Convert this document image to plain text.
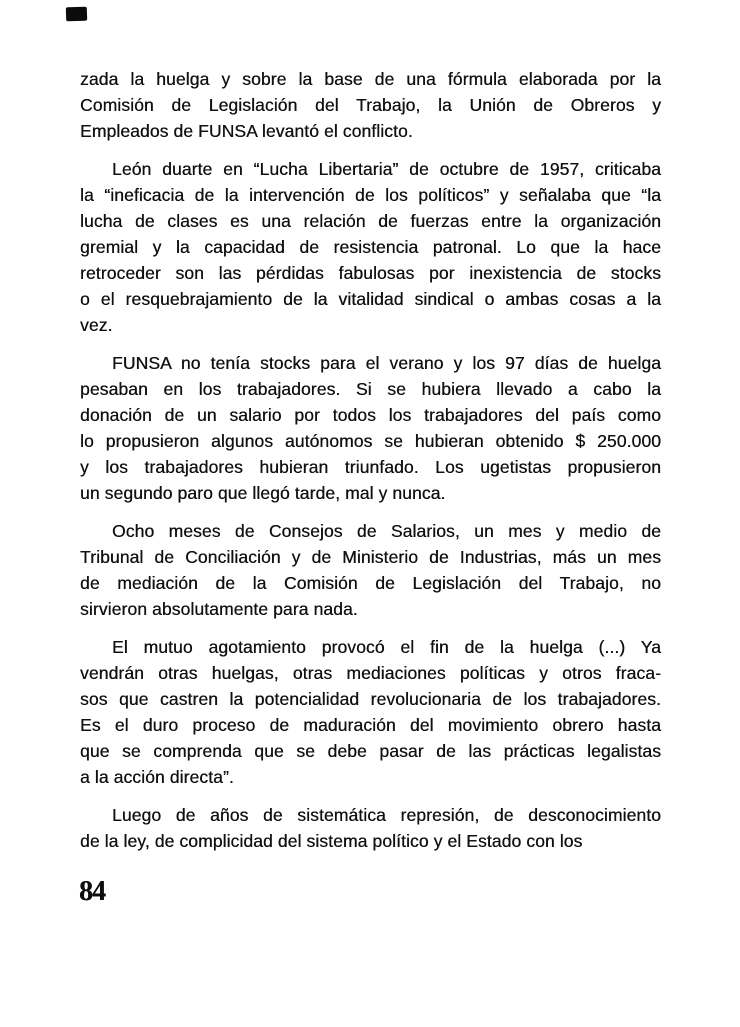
zada la huelga y sobre la base de una fórmula elaborada por la
Comisión de Legislación del Trabajo, la Unión de Obreros y
Empleados de FUNSA levantó el conflicto.
León duarte en “Lucha Libertaria” de octubre de 1957, criticaba
la “ineficacia de la intervención de los políticos” y señalaba que “la
lucha de clases es una relación de fuerzas entre la organización
gremial y la capacidad de resistencia patronal. Lo que la hace
retroceder son las pérdidas fabulosas por inexistencia de stocks
o el resquebrajamiento de la vitalidad sindical o ambas cosas a la
vez.
FUNSA no tenía stocks para el verano y los 97 días de huelga
pesaban en los trabajadores. Si se hubiera llevado a cabo la
donación de un salario por todos los trabajadores del país como
lo propusieron algunos autónomos se hubieran obtenido $ 250.000
y los trabajadores hubieran triunfado. Los ugetistas propusieron
un segundo paro que llegó tarde, mal y nunca.
Ocho meses de Consejos de Salarios, un mes y medio de
Tribunal de Conciliación y de Ministerio de Industrias, más un mes
de mediación de la Comisión de Legislación del Trabajo, no
sirvieron absolutamente para nada.
El mutuo agotamiento provocó el fin de la huelga (...) Ya
vendrán otras huelgas, otras mediaciones políticas y otros fraca-
sos que castren la potencialidad revolucionaria de los trabajadores.
Es el duro proceso de maduración del movimiento obrero hasta
que se comprenda que se debe pasar de las prácticas legalistas
a la acción directa”.
Luego de años de sistemática represión, de desconocimiento
de la ley, de complicidad del sistema político y el Estado con los
84
